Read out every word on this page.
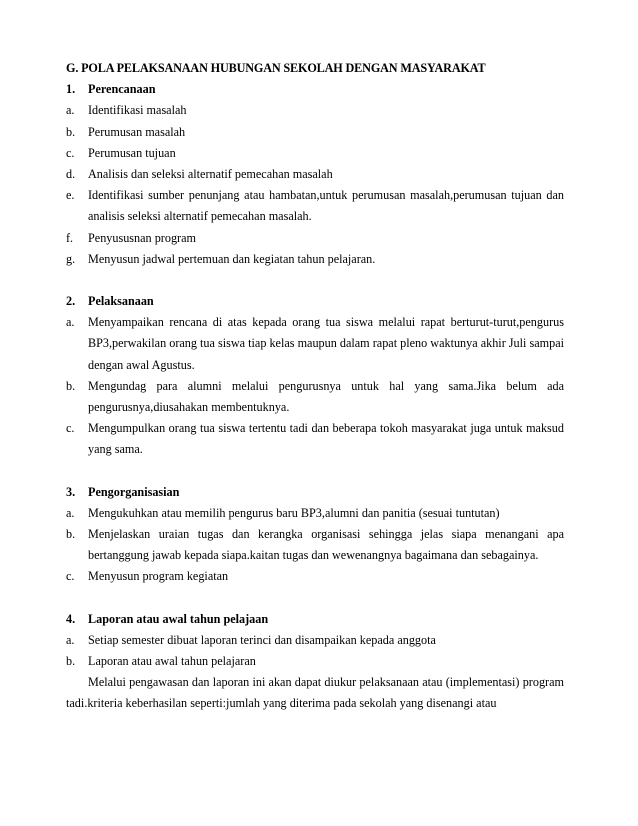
G. POLA PELAKSANAAN HUBUNGAN SEKOLAH DENGAN MASYARAKAT
1.	Perencanaan
a.	Identifikasi masalah
b.	Perumusan masalah
c.	Perumusan tujuan
d.	Analisis dan seleksi alternatif pemecahan masalah
e.	Identifikasi sumber penunjang atau hambatan,untuk perumusan masalah,perumusan tujuan dan analisis seleksi alternatif pemecahan masalah.
f.	Penyususnan program
g.	Menyusun jadwal pertemuan dan kegiatan tahun pelajaran.
2.	Pelaksanaan
a.	Menyampaikan rencana di atas kepada orang tua siswa melalui rapat berturut-turut,pengurus BP3,perwakilan orang tua siswa tiap kelas maupun dalam rapat pleno waktunya akhir Juli sampai dengan awal Agustus.
b.	Mengundag para alumni melalui pengurusnya untuk hal yang sama.Jika belum ada pengurusnya,diusahakan membentuknya.
c.	Mengumpulkan orang tua siswa tertentu tadi dan beberapa tokoh masyarakat juga untuk maksud yang sama.
3.	Pengorganisasian
a.	Mengukuhkan atau memilih pengurus baru BP3,alumni dan panitia (sesuai tuntutan)
b.	Menjelaskan uraian tugas dan kerangka organisasi sehingga jelas siapa menangani apa bertanggung jawab kepada siapa.kaitan tugas dan wewenangnya bagaimana dan sebagainya.
c.	Menyusun program kegiatan
4.	Laporan atau awal tahun pelajaan
a.	Setiap semester dibuat laporan terinci dan disampaikan kepada anggota
b.	Laporan atau awal tahun pelajaran
Melalui pengawasan dan laporan ini akan dapat diukur pelaksanaan atau (implementasi) program tadi.kriteria keberhasilan seperti:jumlah yang diterima pada sekolah yang disenangi atau
